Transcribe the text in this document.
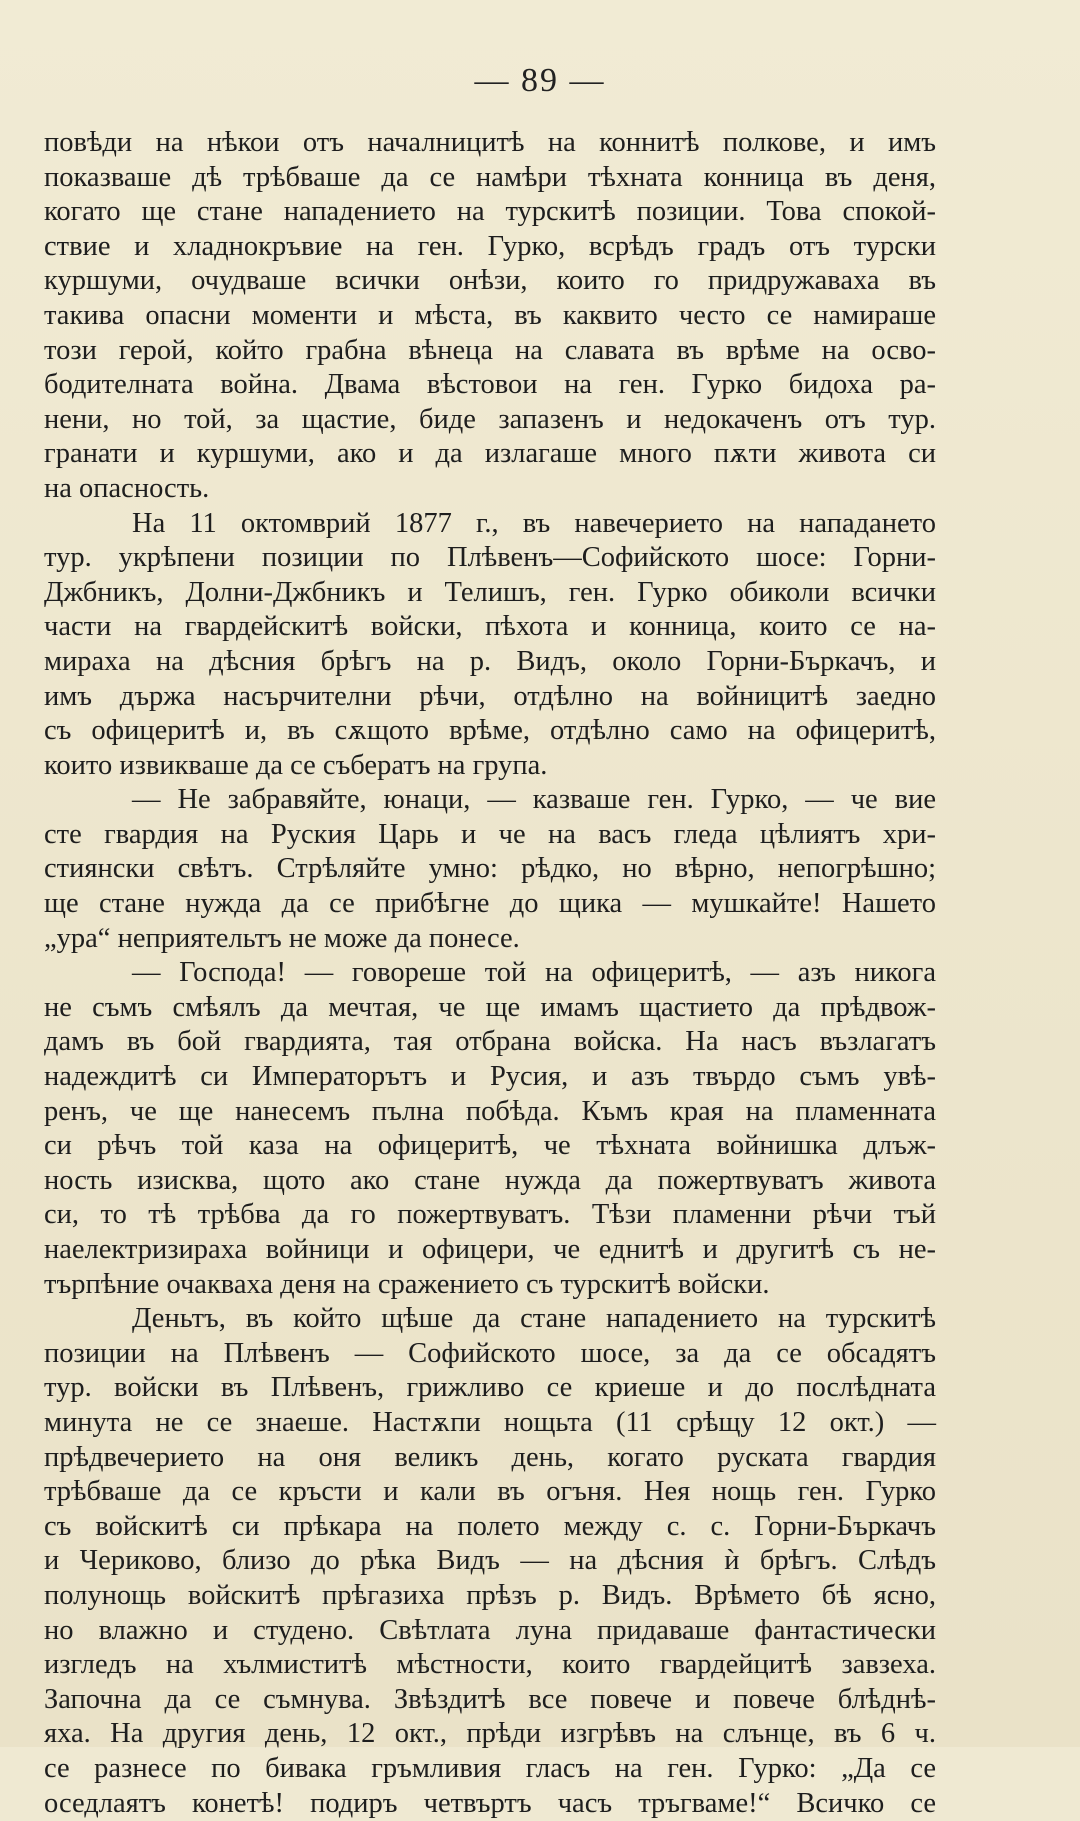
— 89 —
повѣди на нѣкои отъ началницитѣ на коннитѣ полкове, и имъ
показваше дѣ трѣбваше да се намѣри тѣхната конница въ деня,
когато ще стане нападението на турскитѣ позиции. Това спокой-
ствие и хладнокръвие на ген. Гурко, всрѣдъ градъ отъ турски
куршуми, очудваше всички онѣзи, които го придружаваха въ
такива опасни моменти и мѣста, въ каквито често се намираше
този герой, който грабна вѣнеца на славата въ врѣме на осво-
бодителната война. Двама вѣстовои на ген. Гурко бидоха ра-
нени, но той, за щастие, биде запазенъ и недокаченъ отъ тур.
гранати и куршуми, ако и да излагаше много пѫти живота си
на опасность.
На 11 октомврий 1877 г., въ навечерието на нападането
тур. укрѣпени позиции по Плѣвенъ—Софийското шосе: Горни-
Джбникъ, Долни-Джбникъ и Телишъ, ген. Гурко обиколи всички
части на гвардейскитѣ войски, пѣхота и конница, които се на-
мираха на дѣсния брѣгъ на р. Видъ, около Горни-Бъркачъ, и
имъ държа насърчителни рѣчи, отдѣлно на войницитѣ заедно
съ офицеритѣ и, въ сѫщото врѣме, отдѣлно само на офицеритѣ,
които извикваше да се събератъ на група.
— Не забравяйте, юнаци, — казваше ген. Гурко, — че вие
сте гвардия на Руския Царь и че на васъ гледа цѣлиятъ хри-
стиянски свѣтъ. Стрѣляйте умно: рѣдко, но вѣрно, непогрѣшно;
ще стане нужда да се прибѣгне до щика — мушкайте! Нашето
„ура“ неприятельтъ не може да понесе.
— Господа! — говореше той на офицеритѣ, — азъ никога
не съмъ смѣялъ да мечтая, че ще имамъ щастието да прѣдвож-
дамъ въ бой гвардията, тая отбрана войска. На насъ възлагатъ
надеждитѣ си Императорътъ и Русия, и азъ твърдо съмъ увѣ-
ренъ, че ще нанесемъ пълна побѣда. Къмъ края на пламенната
си рѣчъ той каза на офицеритѣ, че тѣхната войнишка длъж-
ность изисква, щото ако стане нужда да пожертвуватъ живота
си, то тѣ трѣбва да го пожертвуватъ. Тѣзи пламенни рѣчи тъй
наелектризираха войници и офицери, че еднитѣ и другитѣ съ не-
търпѣние очакваха деня на сражението съ турскитѣ войски.
Деньтъ, въ който щѣше да стане нападението на турскитѣ
позиции на Плѣвенъ — Софийското шосе, за да се обсадятъ
тур. войски въ Плѣвенъ, грижливо се криеше и до послѣдната
минута не се знаеше. Настѫпи нощьта (11 срѣщу 12 окт.) —
прѣдвечерието на оня великъ день, когато руската гвардия
трѣбваше да се кръсти и кали въ огъня. Нея нощь ген. Гурко
съ войскитѣ си прѣкара на полето между с. с. Горни-Бъркачъ
и Чериково, близо до рѣка Видъ — на дѣсния ѝ брѣгъ. Слѣдъ
полунощь войскитѣ прѣгазиха прѣзъ р. Видъ. Врѣмето бѣ ясно,
но влажно и студено. Свѣтлата луна придаваше фантастически
изгледъ на хълмиститѣ мѣстности, които гвардейцитѣ завзеха.
Започна да се съмнува. Звѣздитѣ все повече и повече блѣднѣ-
яха. На другия день, 12 окт., прѣди изгрѣвъ на слънце, въ 6 ч.
се разнесе по бивака гръмливия гласъ на ген. Гурко: „Да се
оседлаятъ конетѣ! подиръ четвъртъ часъ тръгваме!“ Всичко се
